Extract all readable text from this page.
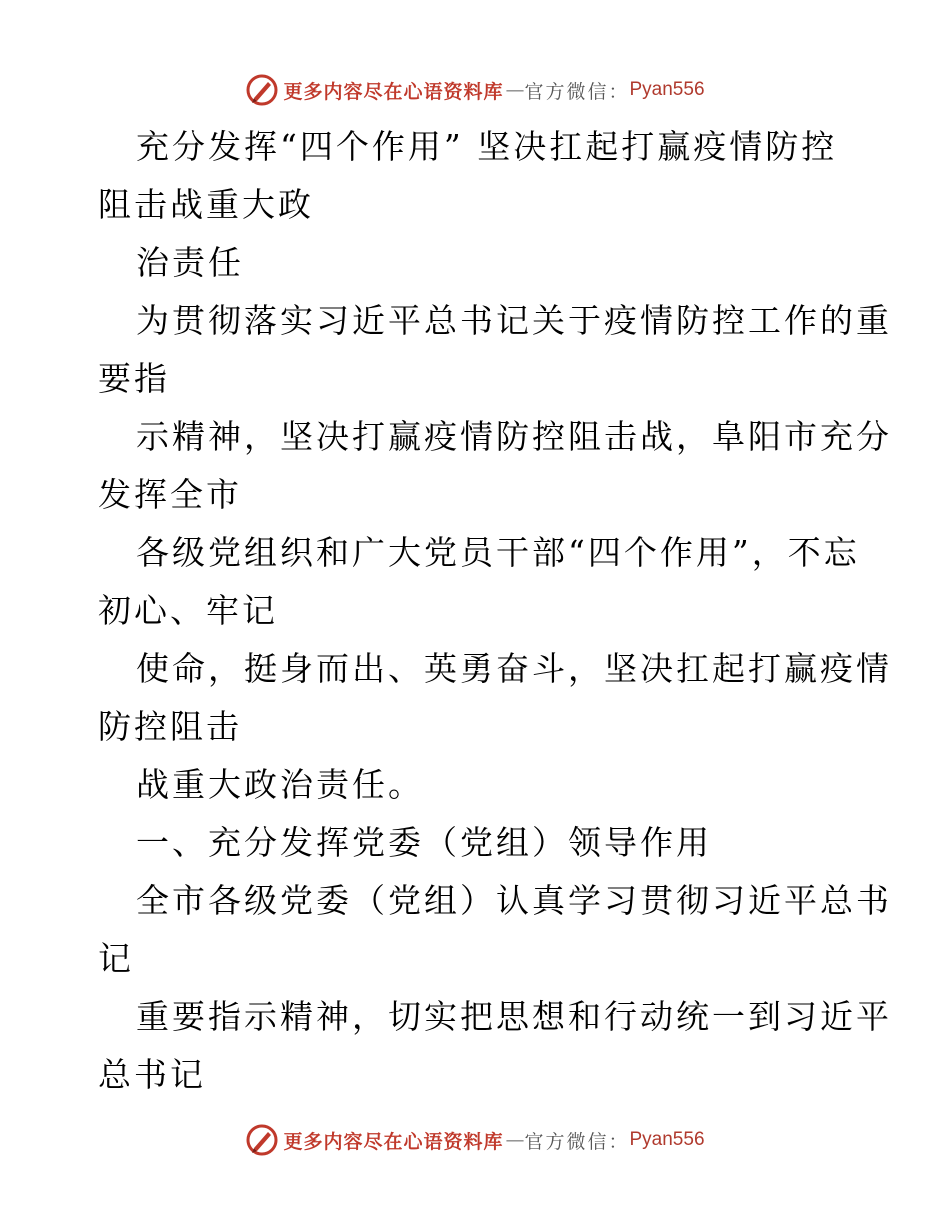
更多内容尽在心语资料库 — 官方微信： Pyan556
充分发挥“四个作用” 坚决扛起打赢疫情防控
阻击战重大政
治责任
为贯彻落实习近平总书记关于疫情防控工作的重
要指
示精神，坚决打赢疫情防控阻击战，阜阳市充分
发挥全市
各级党组织和广大党员干部“四个作用”，不忘
初心、牢记
使命，挺身而出、英勇奋斗，坚决扛起打赢疫情
防控阻击
战重大政治责任。
一、充分发挥党委（党组）领导作用
全市各级党委（党组）认真学习贯彻习近平总书
记
重要指示精神，切实把思想和行动统一到习近平
总书记
更多内容尽在心语资料库 — 官方微信： Pyan556
